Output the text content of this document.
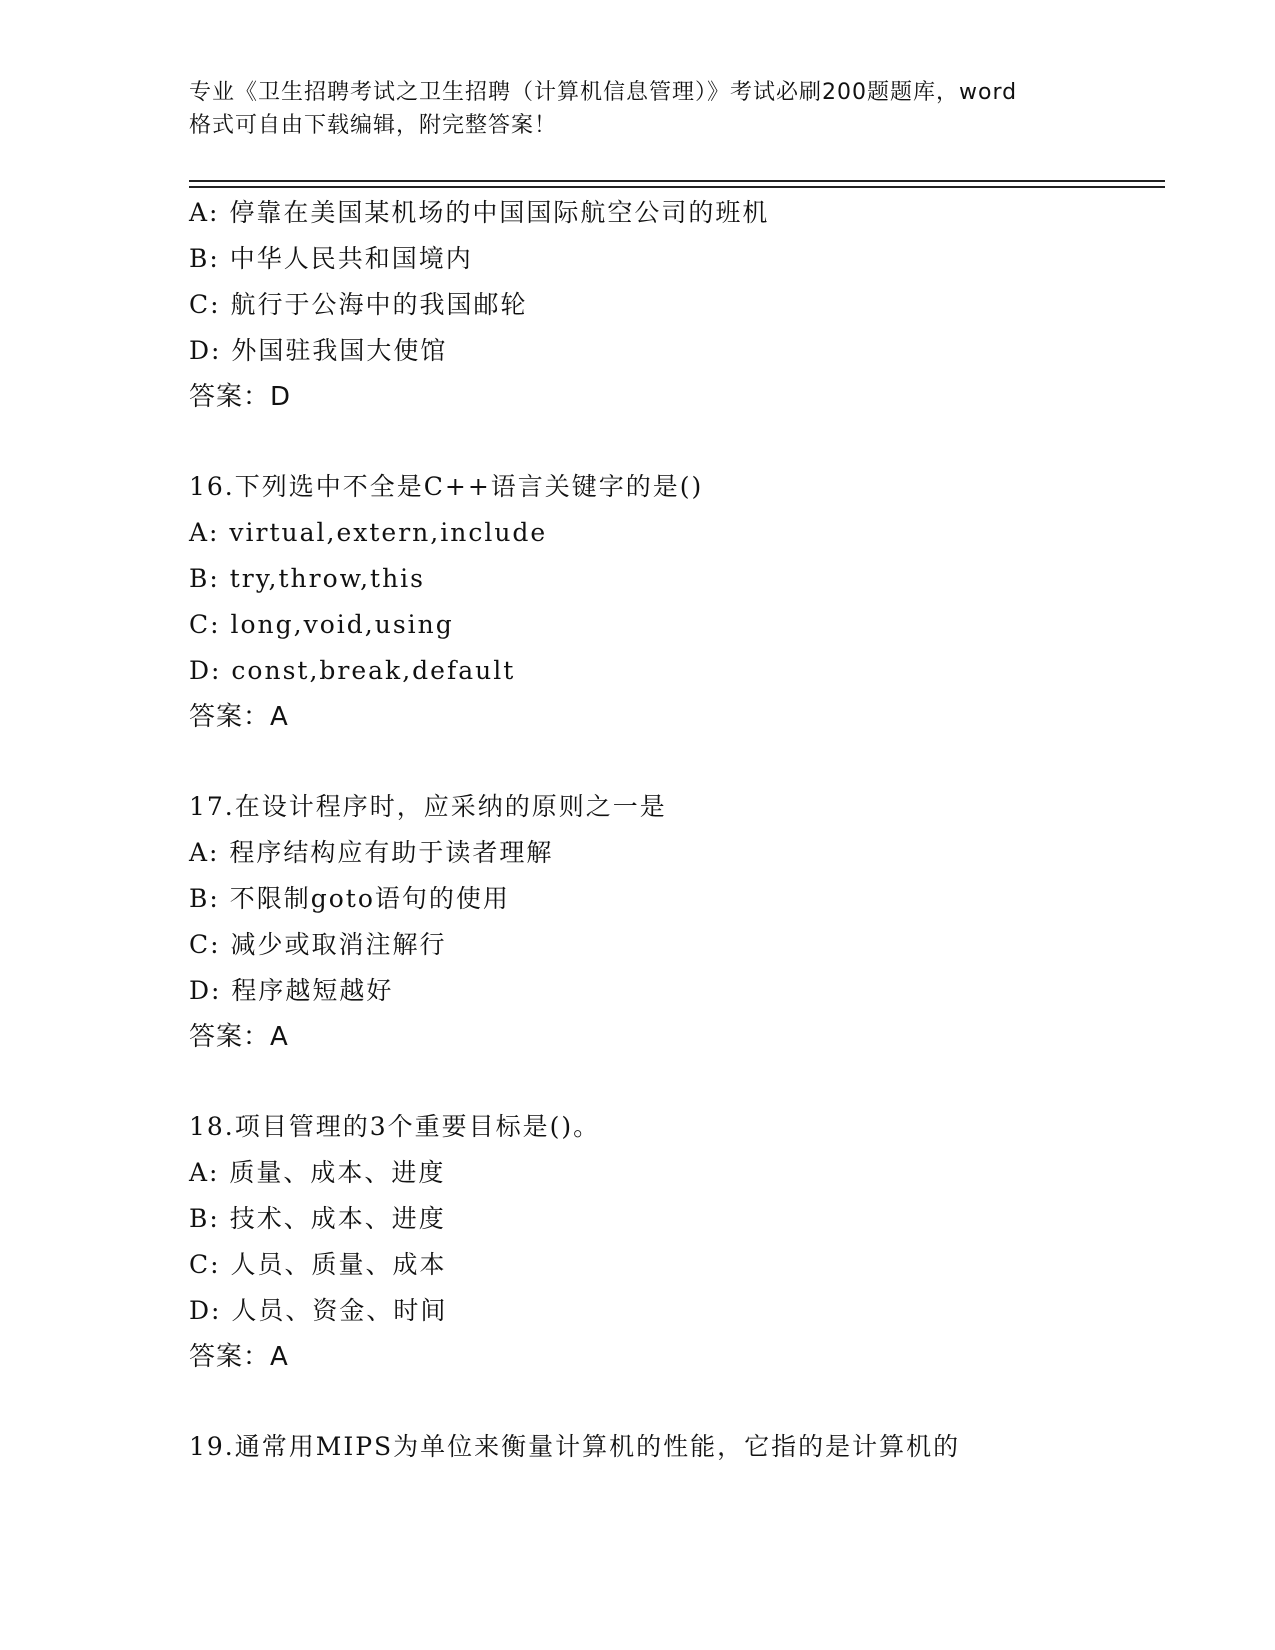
专业《卫生招聘考试之卫生招聘（计算机信息管理）》考试必刷200题题库，word
格式可自由下载编辑，附完整答案！
A: 停靠在美国某机场的中国国际航空公司的班机
B: 中华人民共和国境内
C: 航行于公海中的我国邮轮
D: 外国驻我国大使馆
答案：D
16.下列选中不全是C++语言关键字的是()
A: virtual,extern,include
B: try,throw,this
C: long,void,using
D: const,break,default
答案：A
17.在设计程序时，应采纳的原则之一是
A: 程序结构应有助于读者理解
B: 不限制goto语句的使用
C: 减少或取消注解行
D: 程序越短越好
答案：A
18.项目管理的3个重要目标是()。
A: 质量、成本、进度
B: 技术、成本、进度
C: 人员、质量、成本
D: 人员、资金、时间
答案：A
19.通常用MIPS为单位来衡量计算机的性能，它指的是计算机的
